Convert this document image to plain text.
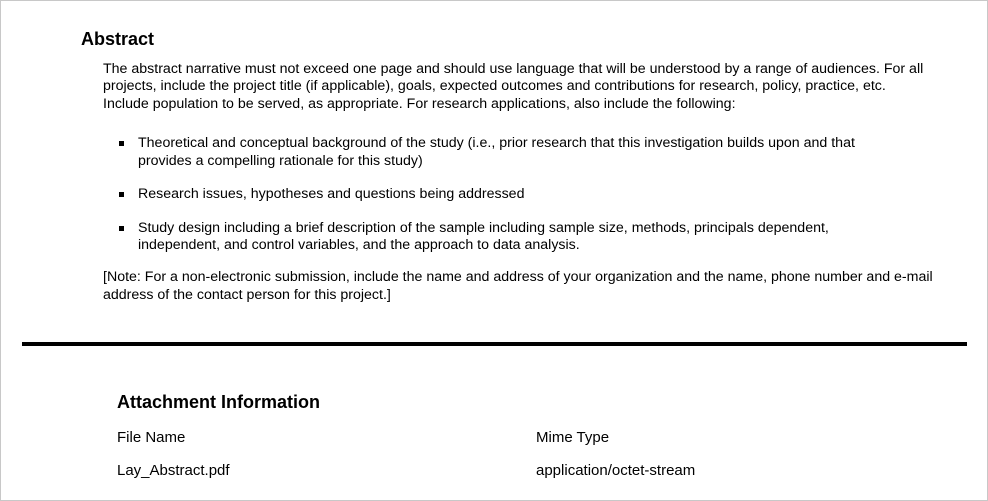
Abstract

The abstract narrative must not exceed one page and should use language that will be understood by a range of audiences. For all projects, include the project title (if applicable), goals, expected outcomes and contributions for research, policy, practice, etc. Include population to be served, as appropriate. For research applications, also include the following:

Theoretical and conceptual background of the study (i.e., prior research that this investigation builds upon and that provides a compelling rationale for this study)
Research issues, hypotheses and questions being addressed
Study design including a brief description of the sample including sample size, methods, principals dependent, independent, and control variables, and the approach to data analysis.

[Note: For a non-electronic submission, include the name and address of your organization and the name, phone number and e-mail address of the contact person for this project.]

Attachment Information
File Name	Mime Type
Lay_Abstract.pdf	application/octet-stream
